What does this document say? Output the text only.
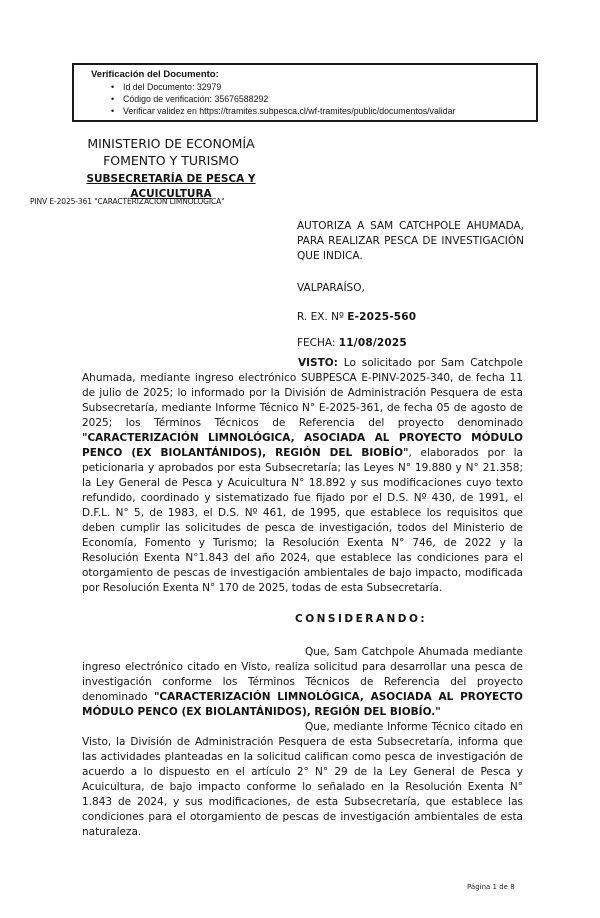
Verificación del Documento:
• Id del Documento: 32979
• Código de verificación: 35676588292
• Verificar validez en https://tramites.subpesca.cl/wf-tramites/public/documentos/validar
MINISTERIO DE ECONOMÍA
FOMENTO Y TURISMO
SUBSECRETARÍA DE PESCA Y
ACUICULTURA
PINV E-2025-361 "CARACTERIZACIÓN LIMNOLÓGICA"
AUTORIZA A SAM CATCHPOLE AHUMADA, PARA REALIZAR PESCA DE INVESTIGACIÓN QUE INDICA.
VALPARAÍSO,
R. EX. Nº E-2025-560
FECHA: 11/08/2025

VISTO: Lo solicitado por Sam Catchpole Ahumada, mediante ingreso electrónico SUBPESCA E-PINV-2025-340, de fecha 11 de julio de 2025; lo informado por la División de Administración Pesquera de esta Subsecretaría, mediante Informe Técnico N° E-2025-361, de fecha 05 de agosto de 2025; los Términos Técnicos de Referencia del proyecto denominado "CARACTERIZACIÓN LIMNOLÓGICA, ASOCIADA AL PROYECTO MÓDULO PENCO (EX BIOLANTÁNIDOS), REGIÓN DEL BIOBÍO", elaborados por la peticionaria y aprobados por esta Subsecretaría; las Leyes N° 19.880 y N° 21.358; la Ley General de Pesca y Acuicultura N° 18.892 y sus modificaciones cuyo texto refundido, coordinado y sistematizado fue fijado por el D.S. Nº 430, de 1991, el D.F.L. N° 5, de 1983, el D.S. Nº 461, de 1995, que establece los requisitos que deben cumplir las solicitudes de pesca de investigación, todos del Ministerio de Economía, Fomento y Turismo; la Resolución Exenta N° 746, de 2022 y la Resolución Exenta N°1.843 del año 2024, que establece las condiciones para el otorgamiento de pescas de investigación ambientales de bajo impacto, modificada por Resolución Exenta N° 170 de 2025, todas de esta Subsecretaría.

CONSIDERANDO:

Que, Sam Catchpole Ahumada mediante ingreso electrónico citado en Visto, realiza solicitud para desarrollar una pesca de investigación conforme los Términos Técnicos de Referencia del proyecto denominado "CARACTERIZACIÓN LIMNOLÓGICA, ASOCIADA AL PROYECTO MÓDULO PENCO (EX BIOLANTÁNIDOS), REGIÓN DEL BIOBÍO."

Que, mediante Informe Técnico citado en Visto, la División de Administración Pesquera de esta Subsecretaría, informa que las actividades planteadas en la solicitud califican como pesca de investigación de acuerdo a lo dispuesto en el artículo 2° N° 29 de la Ley General de Pesca y Acuicultura, de bajo impacto conforme lo señalado en la Resolución Exenta N° 1.843 de 2024, y sus modificaciones, de esta Subsecretaría, que establece las condiciones para el otorgamiento de pescas de investigación ambientales de esta naturaleza.

Página 1 de 8
